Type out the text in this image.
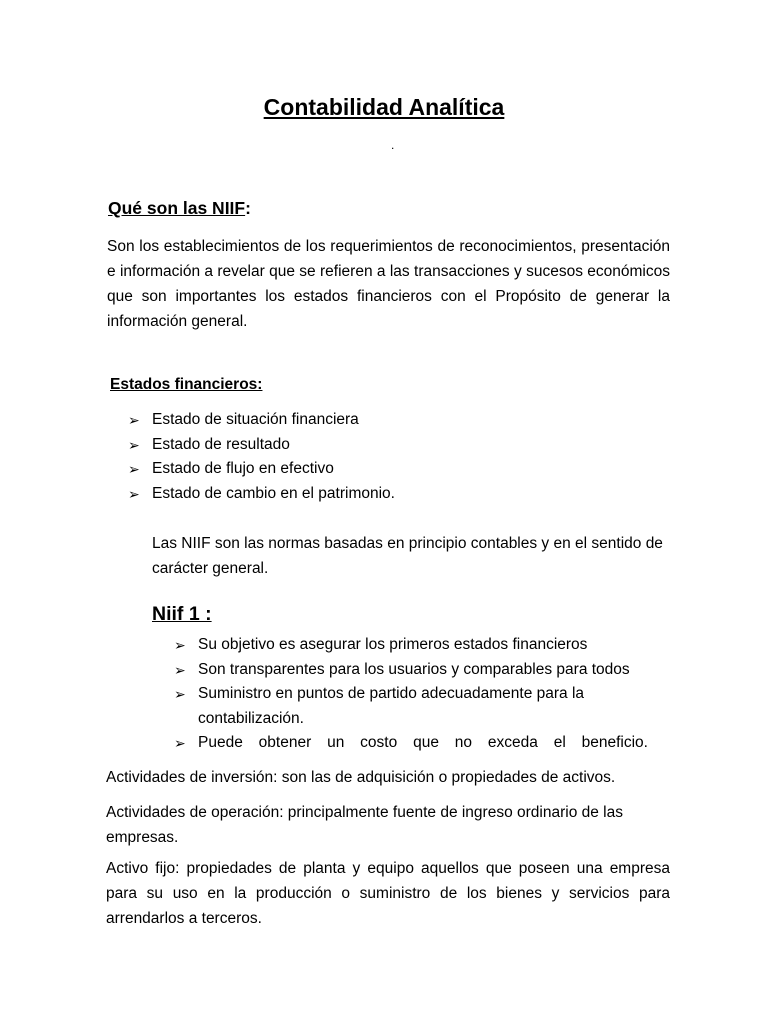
Contabilidad Analítica
.
Qué son las NIIF:

Son los establecimientos de los requerimientos de reconocimientos, presentación e información a revelar que se refieren a las transacciones y sucesos económicos que son importantes los estados financieros con el Propósito de generar la información general.

Estados financieros:
➢ Estado de situación financiera
➢ Estado de resultado
➢ Estado de flujo en efectivo
➢ Estado de cambio en el patrimonio.

Las NIIF son las normas basadas en principio contables y en el sentido de carácter general.

Niif 1 :
➢ Su objetivo es asegurar los primeros estados financieros
➢ Son transparentes para los usuarios y comparables para todos
➢ Suministro en puntos de partido adecuadamente para la contabilización.
➢ Puede obtener un costo que no exceda el beneficio.

Actividades de inversión: son las de adquisición o propiedades de activos.

Actividades de operación: principalmente fuente de ingreso ordinario de las empresas.

Activo fijo: propiedades de planta y equipo aquellos que poseen una empresa para su uso en la producción o suministro de los bienes y servicios para arrendarlos a terceros.
